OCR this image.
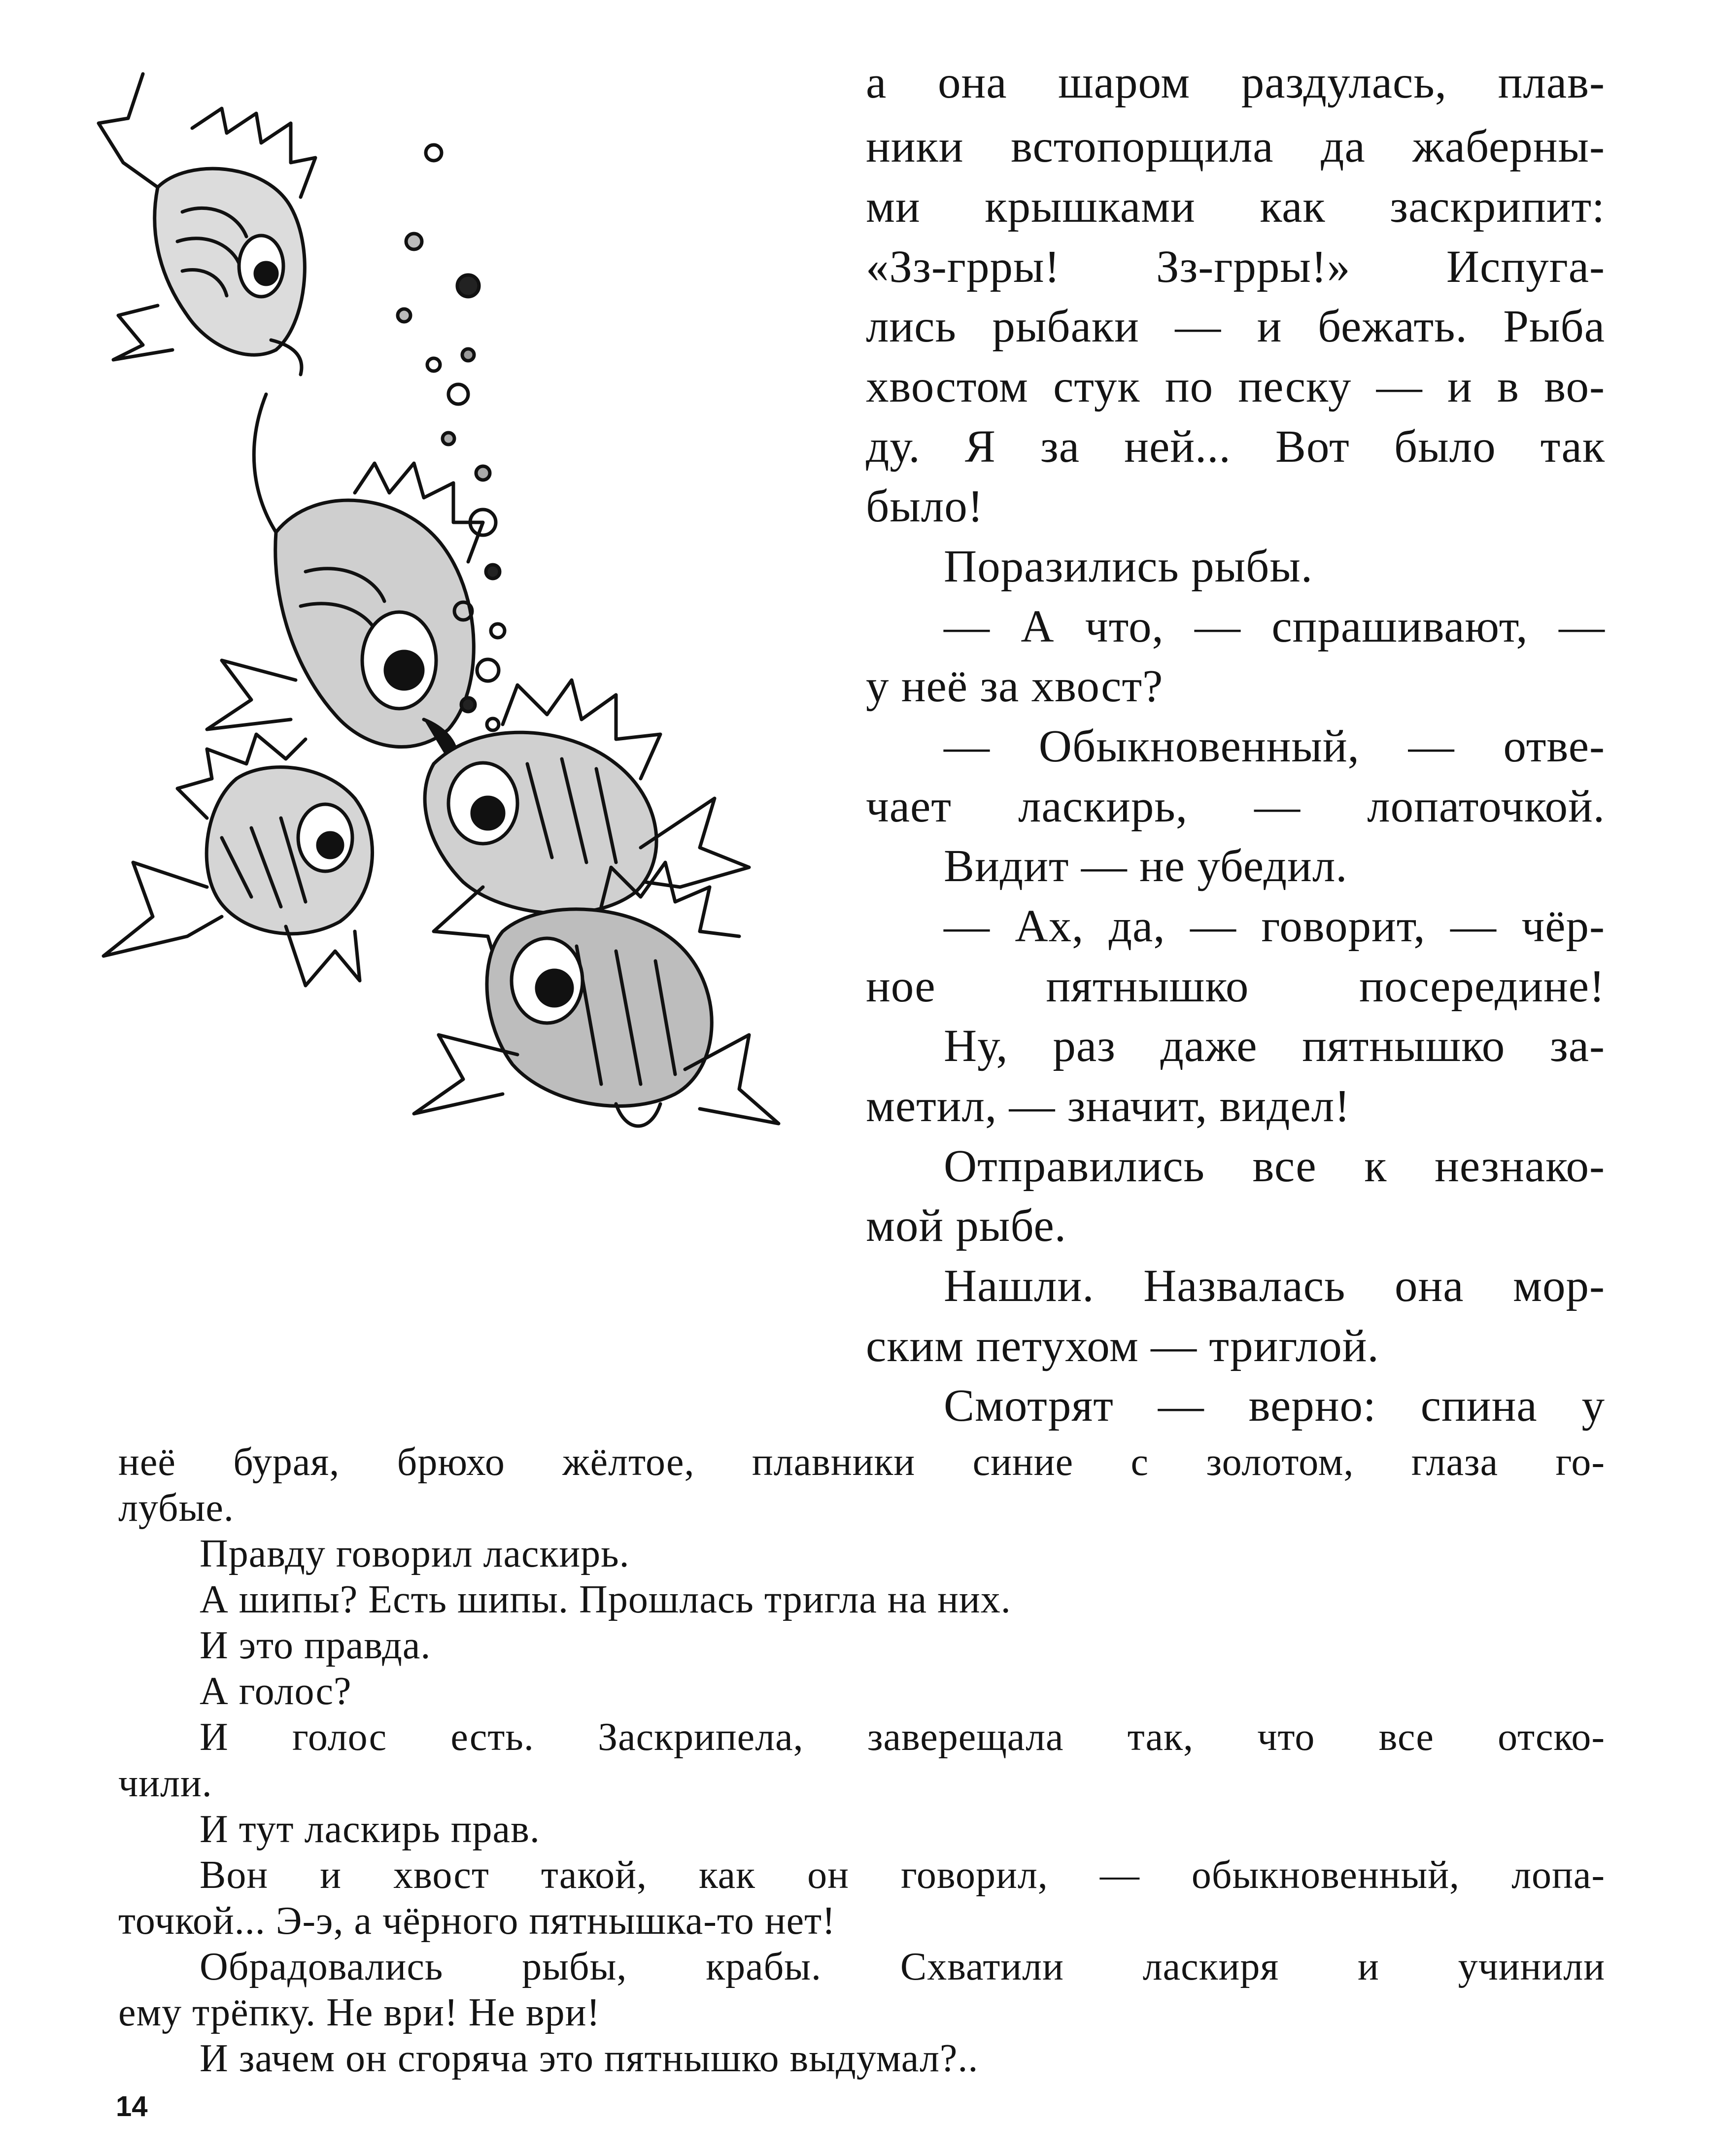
а она шаром раздулась, плав-
ники встопорщила да жаберны-
ми крышками как заскрипит:
«Зз-грры! Зз-грры!» Испуга-
лись рыбаки — и бежать. Рыба
хвостом стук по песку — и в во-
ду. Я за ней... Вот было так
было!
Поразились рыбы.
— А что, — спрашивают, —
у неё за хвост?
— Обыкновенный, — отве-
чает ласкирь, — лопаточкой.
Видит — не убедил.
— Ах, да, — говорит, — чёр-
ное пятнышко посередине!
Ну, раз даже пятнышко за-
метил, — значит, видел!
Отправились все к незнако-
мой рыбе.
Нашли. Назвалась она мор-
ским петухом — триглой.
Смотрят — верно: спина у
неё бурая, брюхо жёлтое, плавники синие с золотом, глаза го-
лубые.
Правду говорил ласкирь.
А шипы? Есть шипы. Прошлась тригла на них.
И это правда.
А голос?
И голос есть. Заскрипела, заверещала так, что все отско-
чили.
И тут ласкирь прав.
Вон и хвост такой, как он говорил, — обыкновенный, лопа-
точкой... Э-э, а чёрного пятнышка-то нет!
Обрадовались рыбы, крабы. Схватили ласкиря и учинили
ему трёпку. Не ври! Не ври!
И зачем он сгоряча это пятнышко выдумал?..
14
